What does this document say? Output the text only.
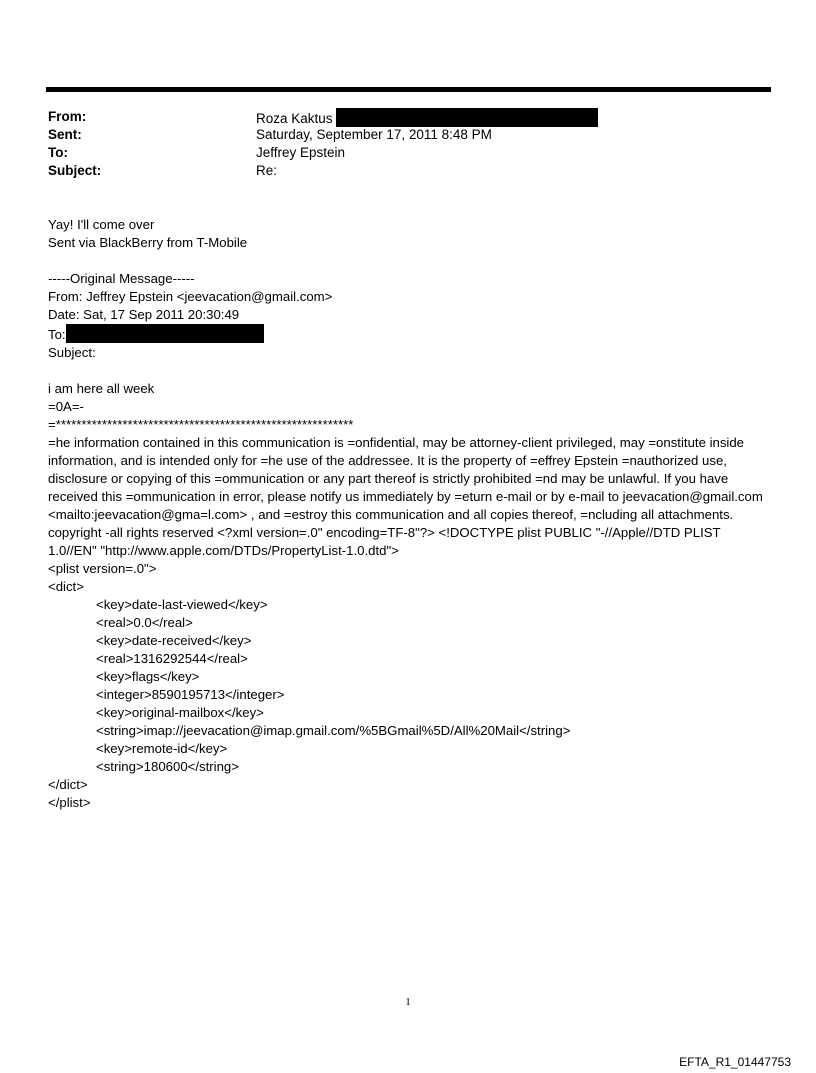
From:	Roza Kaktus
Sent:	Saturday, September 17, 2011 8:48 PM
To:	Jeffrey Epstein
Subject:	Re:

Yay! I'll come over

Sent via BlackBerry from T-Mobile

-----Original Message-----

From: Jeffrey Epstein <jeevacation@gmail.com>

Date: Sat, 17 Sep 2011 20:30:49

To:

Subject:

i am here all week

=0A=-

=**********************************************************

=he information contained in this communication is =onfidential, may be attorney-client privileged, may =onstitute inside information, and is intended only for =he use of the addressee. It is the property of =effrey Epstein =nauthorized use, disclosure or copying of this =ommunication or any part thereof is strictly prohibited =nd may be unlawful. If you have received this =ommunication in error, please notify us immediately by =eturn e-mail or by e-mail to jeevacation@gmail.com <mailto:jeevacation@gma=l.com> , and =estroy this communication and all copies thereof, =ncluding all attachments. copyright -all rights reserved <?xml version=.0" encoding=TF-8"?> <!DOCTYPE plist PUBLIC "-//Apple//DTD PLIST 1.0//EN" "http://www.apple.com/DTDs/PropertyList-1.0.dtd">

<plist version=.0">

<dict>

<key>date-last-viewed</key>

<real>0.0</real>

<key>date-received</key>

<real>1316292544</real>

<key>flags</key>

<integer>8590195713</integer>

<key>original-mailbox</key>

<string>imap://jeevacation@imap.gmail.com/%5BGmail%5D/All%20Mail</string>

<key>remote-id</key>

<string>180600</string>

</dict>

</plist>

1
EFTA_R1_01447753
